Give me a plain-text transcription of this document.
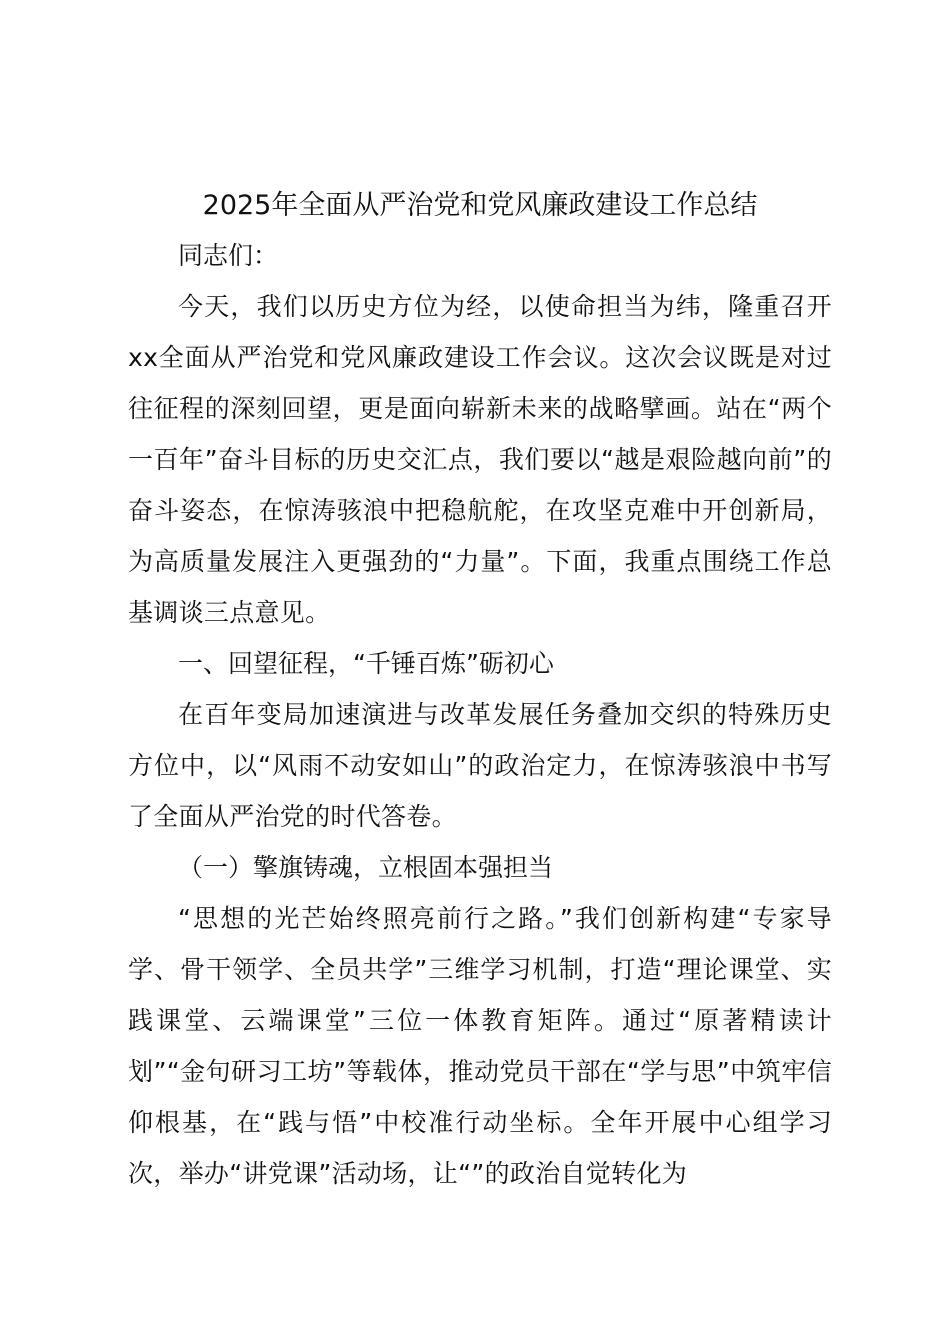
2025年全面从严治党和党风廉政建设工作总结

同志们：

今天，我们以历史方位为经，以使命担当为纬，隆重召开xx全面从严治党和党风廉政建设工作会议。这次会议既是对过往征程的深刻回望，更是面向崭新未来的战略擘画。站在“两个一百年”奋斗目标的历史交汇点，我们要以“越是艰险越向前”的奋斗姿态，在惊涛骇浪中把稳航舵，在攻坚克难中开创新局，为高质量发展注入更强劲的“力量”。下面，我重点围绕工作总基调谈三点意见。

一、回望征程，“千锤百炼”砺初心

在百年变局加速演进与改革发展任务叠加交织的特殊历史方位中，以“风雨不动安如山”的政治定力，在惊涛骇浪中书写了全面从严治党的时代答卷。

（一）擎旗铸魂，立根固本强担当

“思想的光芒始终照亮前行之路。”我们创新构建“专家导学、骨干领学、全员共学”三维学习机制，打造“理论课堂、实践课堂、云端课堂”三位一体教育矩阵。通过“原著精读计划”“金句研习工坊”等载体，推动党员干部在“学与思”中筑牢信仰根基，在“践与悟”中校准行动坐标。全年开展中心组学习次，举办“讲党课”活动场，让“”的政治自觉转化为
